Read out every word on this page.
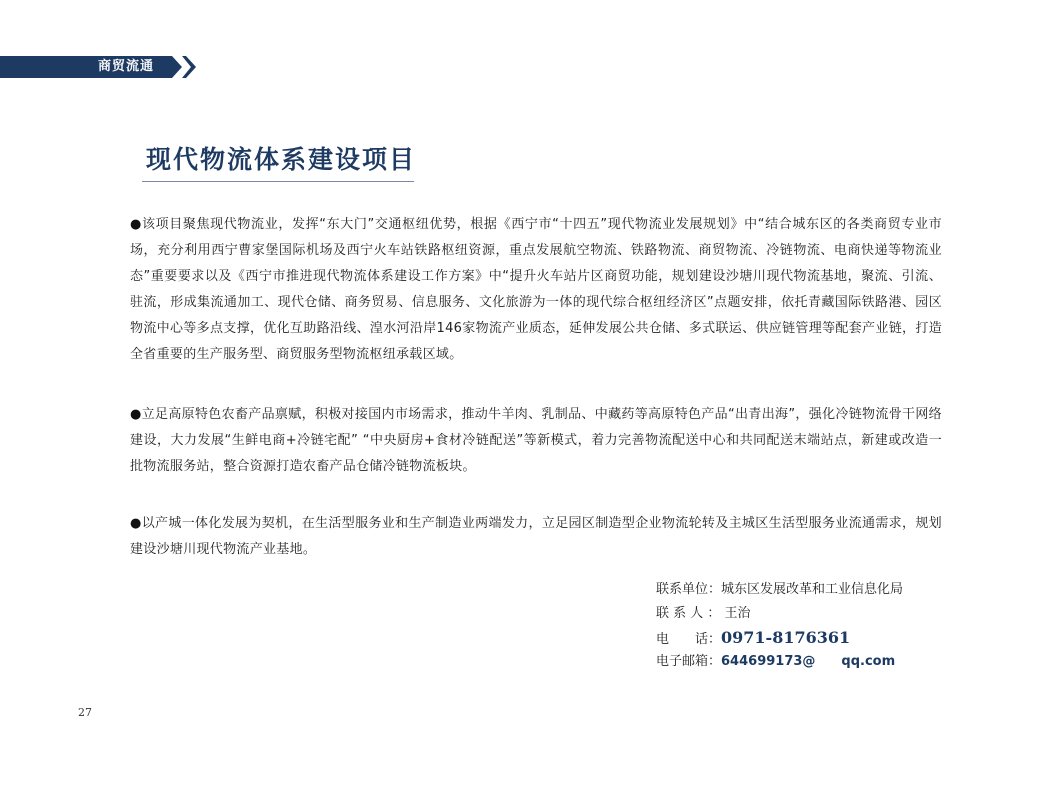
商贸流通
现代物流体系建设项目

●该项目聚焦现代物流业，发挥“东大门”交通枢纽优势，根据《西宁市“十四五”现代物流业发展规划》中“结合城东区的各类商贸专业市场，充分利用西宁曹家堡国际机场及西宁火车站铁路枢纽资源，重点发展航空物流、铁路物流、商贸物流、冷链物流、电商快递等物流业态”重要要求以及《西宁市推进现代物流体系建设工作方案》中“提升火车站片区商贸功能，规划建设沙塘川现代物流基地，聚流、引流、驻流，形成集流通加工、现代仓储、商务贸易、信息服务、文化旅游为一体的现代综合枢纽经济区”点题安排，依托青藏国际铁路港、园区物流中心等多点支撑，优化互助路沿线、湟水河沿岸146家物流产业质态，延伸发展公共仓储、多式联运、供应链管理等配套产业链，打造全省重要的生产服务型、商贸服务型物流枢纽承载区域。

●立足高原特色农畜产品禀赋，积极对接国内市场需求，推动牛羊肉、乳制品、中藏药等高原特色产品“出青出海”，强化冷链物流骨干网络建设，大力发展“生鲜电商+冷链宅配” “中央厨房+食材冷链配送”等新模式，着力完善物流配送中心和共同配送末端站点，新建或改造一批物流服务站，整合资源打造农畜产品仓储冷链物流板块。

●以产城一体化发展为契机，在生活型服务业和生产制造业两端发力，立足园区制造型企业物流轮转及主城区生活型服务业流通需求，规划建设沙塘川现代物流产业基地。

联系单位：城东区发展改革和工业信息化局
联 系 人 ： 王治
电　　话：0971-8176361
电子邮箱：644699173@　　qq.com
27
